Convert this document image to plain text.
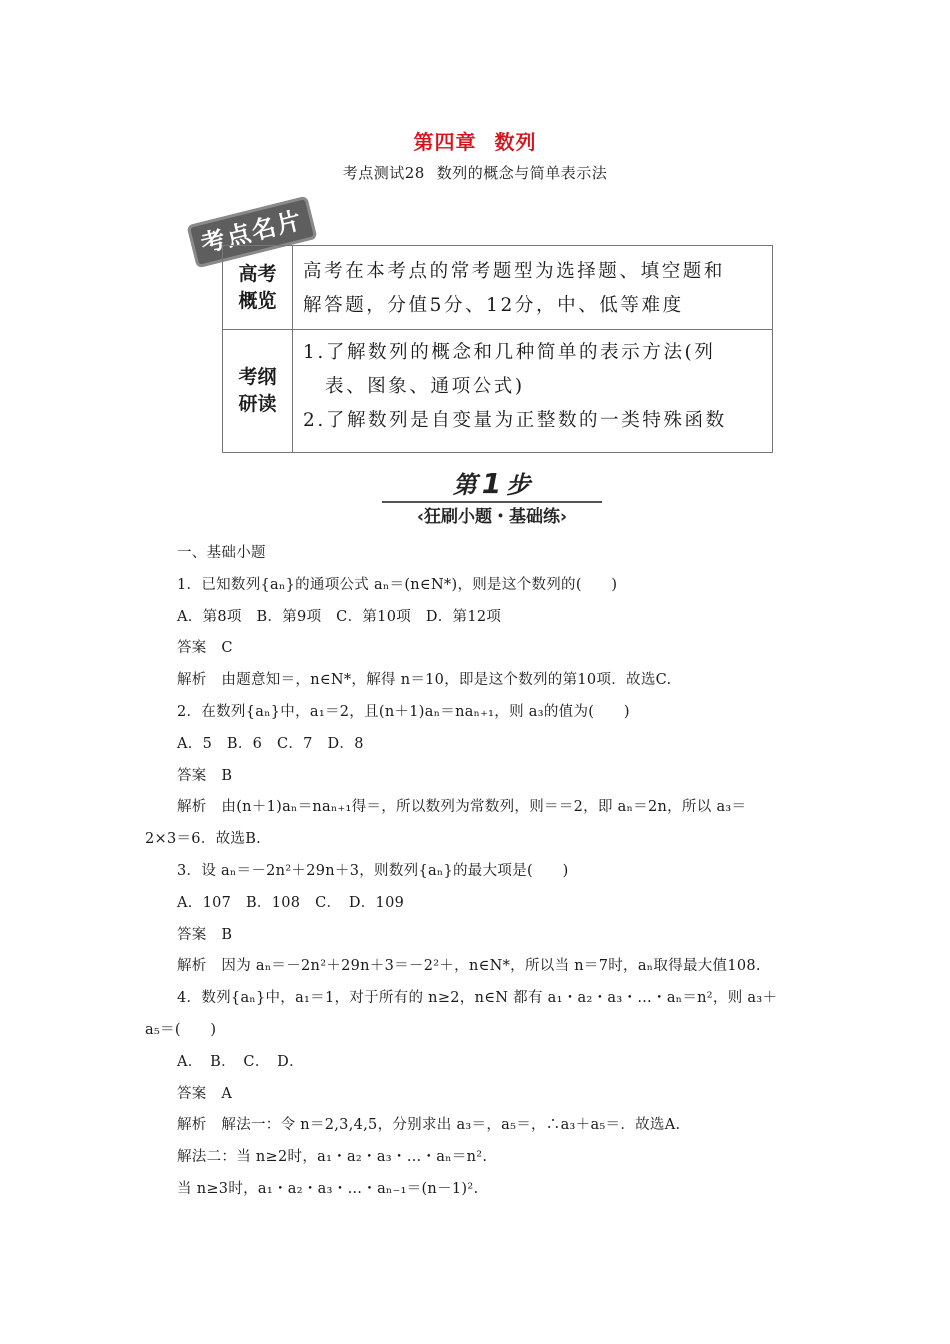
第四章 数列
考点测试28 数列的概念与简单表示法
考点名片
高考
概览
高考在本考点的常考题型为选择题、填空题和
解答题，分值5分、12分，中、低等难度
考纲
研读
1.了解数列的概念和几种简单的表示方法(列
表、图象、通项公式)
2.了解数列是自变量为正整数的一类特殊函数
第 1 步
‹狂刷小题・基础练›
一、基础小题
1．已知数列{aₙ}的通项公式 aₙ＝(n∈N*)，则是这个数列的(　　)
A．第8项　B．第9项　C．第10项　D．第12项
答案　C
解析　由题意知＝，n∈N*，解得 n＝10，即是这个数列的第10项．故选C.
2．在数列{aₙ}中，a₁＝2，且(n＋1)aₙ＝naₙ₊₁，则 a₃的值为(　　)
A．5　B．6　C．7　D．8
答案　B
解析　由(n＋1)aₙ＝naₙ₊₁得＝，所以数列为常数列，则＝＝2，即 aₙ＝2n，所以 a₃＝
2×3＝6．故选B.
3．设 aₙ＝－2n²＋29n＋3，则数列{aₙ}的最大项是(　　)
A．107　B．108　C．　D．109
答案　B
解析　因为 aₙ＝－2n²＋29n＋3＝－2²＋，n∈N*，所以当 n＝7时，aₙ取得最大值108.
4．数列{aₙ}中，a₁＝1，对于所有的 n≥2，n∈N 都有 a₁・a₂・a₃・…・aₙ＝n²，则 a₃＋
a₅＝(　　)
A．　B．　C．　D．
答案　A
解析　解法一：令 n＝2,3,4,5，分别求出 a₃＝，a₅＝，∴a₃＋a₅＝．故选A.
解法二：当 n≥2时，a₁・a₂・a₃・…・aₙ＝n².
当 n≥3时，a₁・a₂・a₃・…・aₙ₋₁＝(n－1)².
